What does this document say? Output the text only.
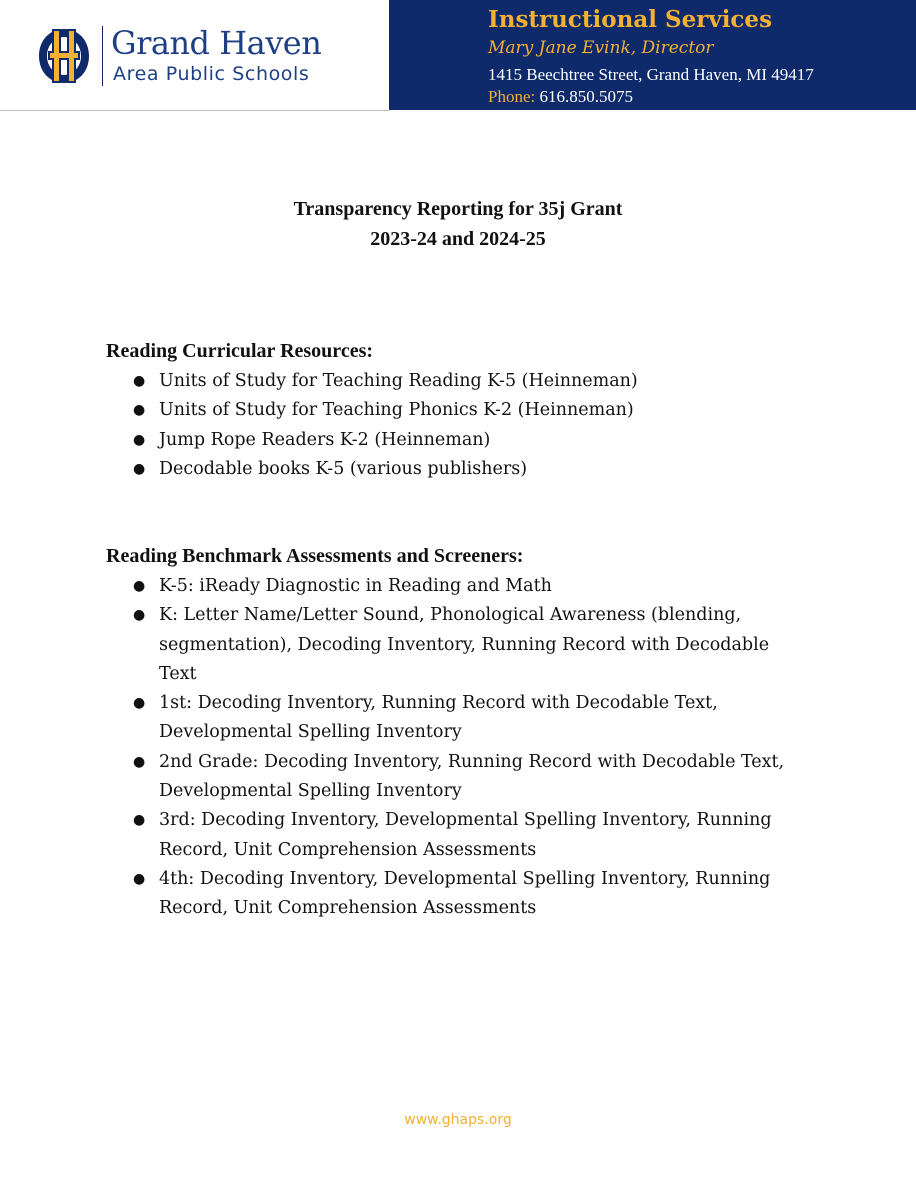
Grand Haven
Area Public Schools
Instructional Services
Mary Jane Evink, Director
1415 Beechtree Street, Grand Haven, MI 49417
Phone: 616.850.5075
Transparency Reporting for 35j Grant
2023-24 and 2024-25
Reading Curricular Resources:
● Units of Study for Teaching Reading K-5 (Heinneman)
● Units of Study for Teaching Phonics K-2 (Heinneman)
● Jump Rope Readers K-2 (Heinneman)
● Decodable books K-5 (various publishers)
Reading Benchmark Assessments and Screeners:
● K-5: iReady Diagnostic in Reading and Math
● K: Letter Name/Letter Sound, Phonological Awareness (blending, segmentation), Decoding Inventory, Running Record with Decodable Text
● 1st: Decoding Inventory, Running Record with Decodable Text, Developmental Spelling Inventory
● 2nd Grade: Decoding Inventory, Running Record with Decodable Text, Developmental Spelling Inventory
● 3rd: Decoding Inventory, Developmental Spelling Inventory, Running Record, Unit Comprehension Assessments
● 4th: Decoding Inventory, Developmental Spelling Inventory, Running Record, Unit Comprehension Assessments
www.ghaps.org
